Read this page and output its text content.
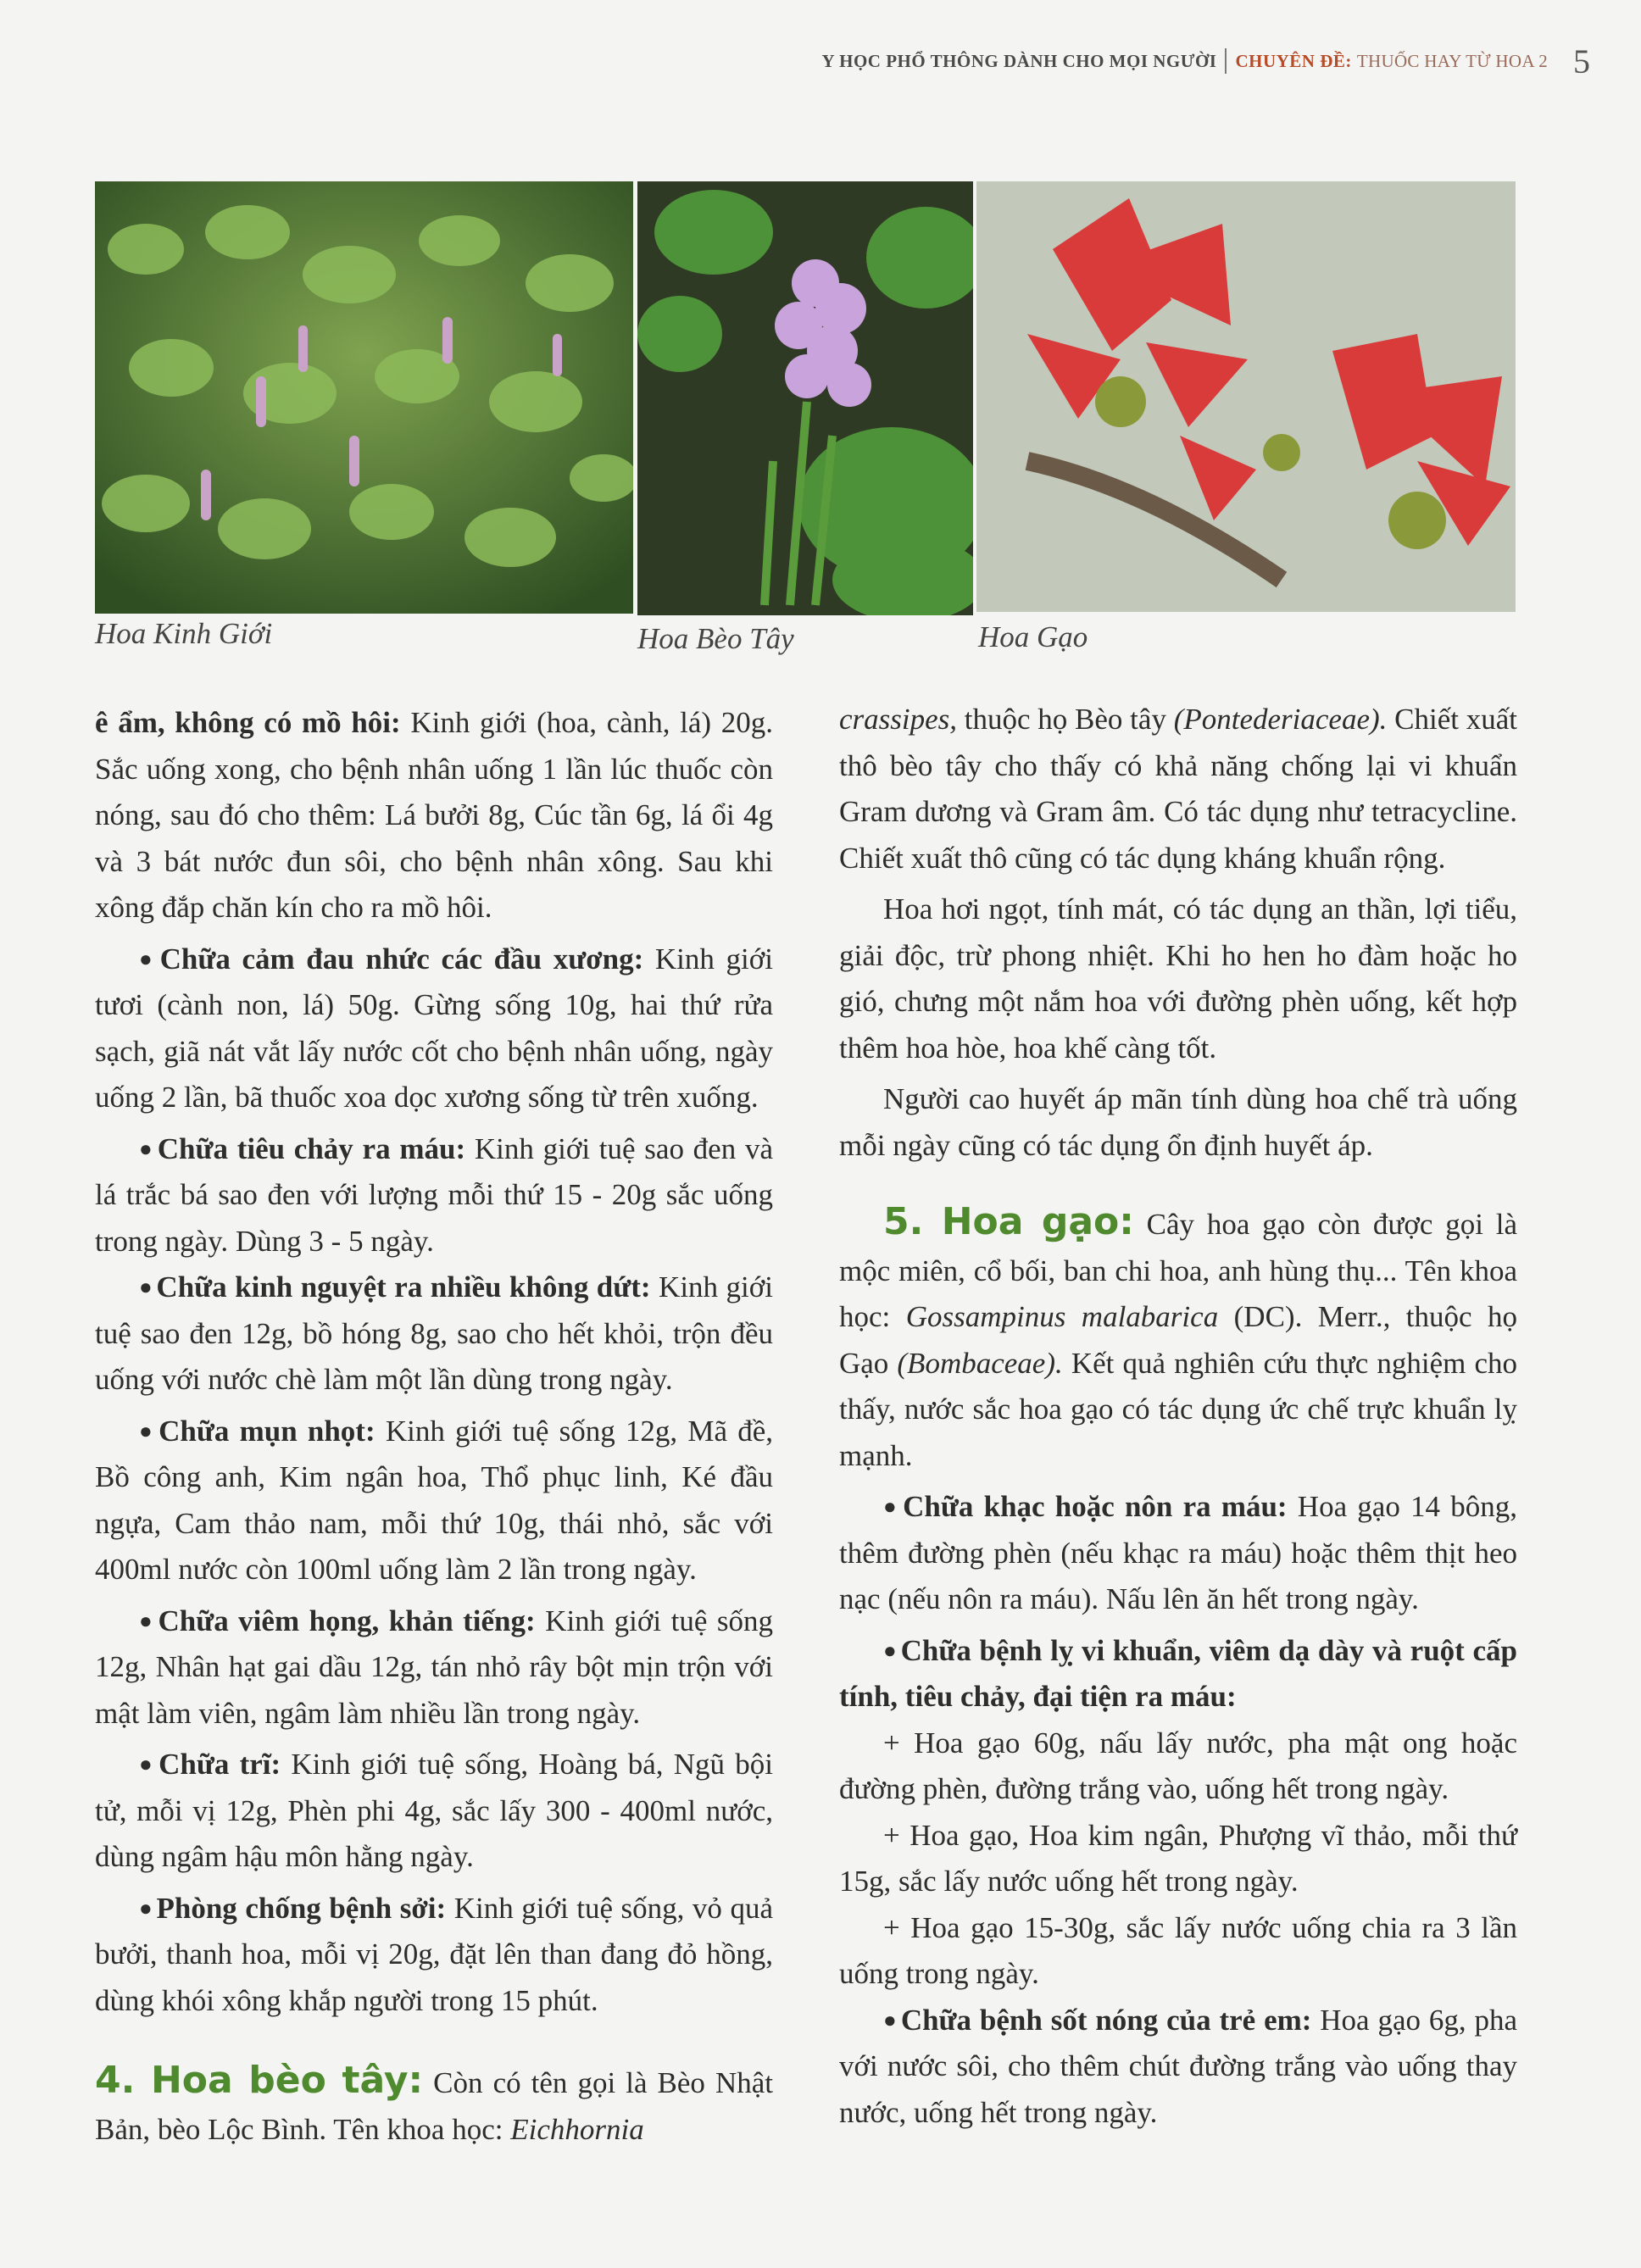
Y HỌC PHỔ THÔNG DÀNH CHO MỌI NGƯỜI CHUYÊN ĐỀ: THUỐC HAY TỪ HOA 2 5
Hoa Kinh Giới	Hoa Bèo Tây	Hoa Gạo

ê ẩm, không có mồ hôi: Kinh giới (hoa, cành, lá) 20g. Sắc uống xong, cho bệnh nhân uống 1 lần lúc thuốc còn nóng, sau đó cho thêm: Lá bưởi 8g, Cúc tần 6g, lá ổi 4g và 3 bát nước đun sôi, cho bệnh nhân xông. Sau khi xông đắp chăn kín cho ra mồ hôi.

● Chữa cảm đau nhức các đầu xương: Kinh giới tươi (cành non, lá) 50g. Gừng sống 10g, hai thứ rửa sạch, giã nát vắt lấy nước cốt cho bệnh nhân uống, ngày uống 2 lần, bã thuốc xoa dọc xương sống từ trên xuống.

● Chữa tiêu chảy ra máu: Kinh giới tuệ sao đen và lá trắc bá sao đen với lượng mỗi thứ 15 - 20g sắc uống trong ngày. Dùng 3 - 5 ngày.

● Chữa kinh nguyệt ra nhiều không dứt: Kinh giới tuệ sao đen 12g, bồ hóng 8g, sao cho hết khỏi, trộn đều uống với nước chè làm một lần dùng trong ngày.

● Chữa mụn nhọt: Kinh giới tuệ sống 12g, Mã đề, Bồ công anh, Kim ngân hoa, Thổ phục linh, Ké đầu ngựa, Cam thảo nam, mỗi thứ 10g, thái nhỏ, sắc với 400ml nước còn 100ml uống làm 2 lần trong ngày.

● Chữa viêm họng, khản tiếng: Kinh giới tuệ sống 12g, Nhân hạt gai dầu 12g, tán nhỏ rây bột mịn trộn với mật làm viên, ngâm làm nhiều lần trong ngày.

● Chữa trĩ: Kinh giới tuệ sống, Hoàng bá, Ngũ bội tử, mỗi vị 12g, Phèn phi 4g, sắc lấy 300 - 400ml nước, dùng ngâm hậu môn hằng ngày.

● Phòng chống bệnh sởi: Kinh giới tuệ sống, vỏ quả bưởi, thanh hoa, mỗi vị 20g, đặt lên than đang đỏ hồng, dùng khói xông khắp người trong 15 phút.

4. Hoa bèo tây: Còn có tên gọi là Bèo Nhật Bản, bèo Lộc Bình. Tên khoa học: Eichhornia

crassipes, thuộc họ Bèo tây (Pontederiaceae). Chiết xuất thô bèo tây cho thấy có khả năng chống lại vi khuẩn Gram dương và Gram âm. Có tác dụng như tetracycline. Chiết xuất thô cũng có tác dụng kháng khuẩn rộng.

Hoa hơi ngọt, tính mát, có tác dụng an thần, lợi tiểu, giải độc, trừ phong nhiệt. Khi ho hen ho đàm hoặc ho gió, chưng một nắm hoa với đường phèn uống, kết hợp thêm hoa hòe, hoa khế càng tốt.

Người cao huyết áp mãn tính dùng hoa chế trà uống mỗi ngày cũng có tác dụng ổn định huyết áp.

5. Hoa gạo: Cây hoa gạo còn được gọi là mộc miên, cổ bối, ban chi hoa, anh hùng thụ... Tên khoa học: Gossampinus malabarica (DC). Merr., thuộc họ Gạo (Bombaceae). Kết quả nghiên cứu thực nghiệm cho thấy, nước sắc hoa gạo có tác dụng ức chế trực khuẩn lỵ mạnh.

● Chữa khạc hoặc nôn ra máu: Hoa gạo 14 bông, thêm đường phèn (nếu khạc ra máu) hoặc thêm thịt heo nạc (nếu nôn ra máu). Nấu lên ăn hết trong ngày.

● Chữa bệnh lỵ vi khuẩn, viêm dạ dày và ruột cấp tính, tiêu chảy, đại tiện ra máu:

+ Hoa gạo 60g, nấu lấy nước, pha mật ong hoặc đường phèn, đường trắng vào, uống hết trong ngày.

+ Hoa gạo, Hoa kim ngân, Phượng vĩ thảo, mỗi thứ 15g, sắc lấy nước uống hết trong ngày.

+ Hoa gạo 15-30g, sắc lấy nước uống chia ra 3 lần uống trong ngày.

● Chữa bệnh sốt nóng của trẻ em: Hoa gạo 6g, pha với nước sôi, cho thêm chút đường trắng vào uống thay nước, uống hết trong ngày.
